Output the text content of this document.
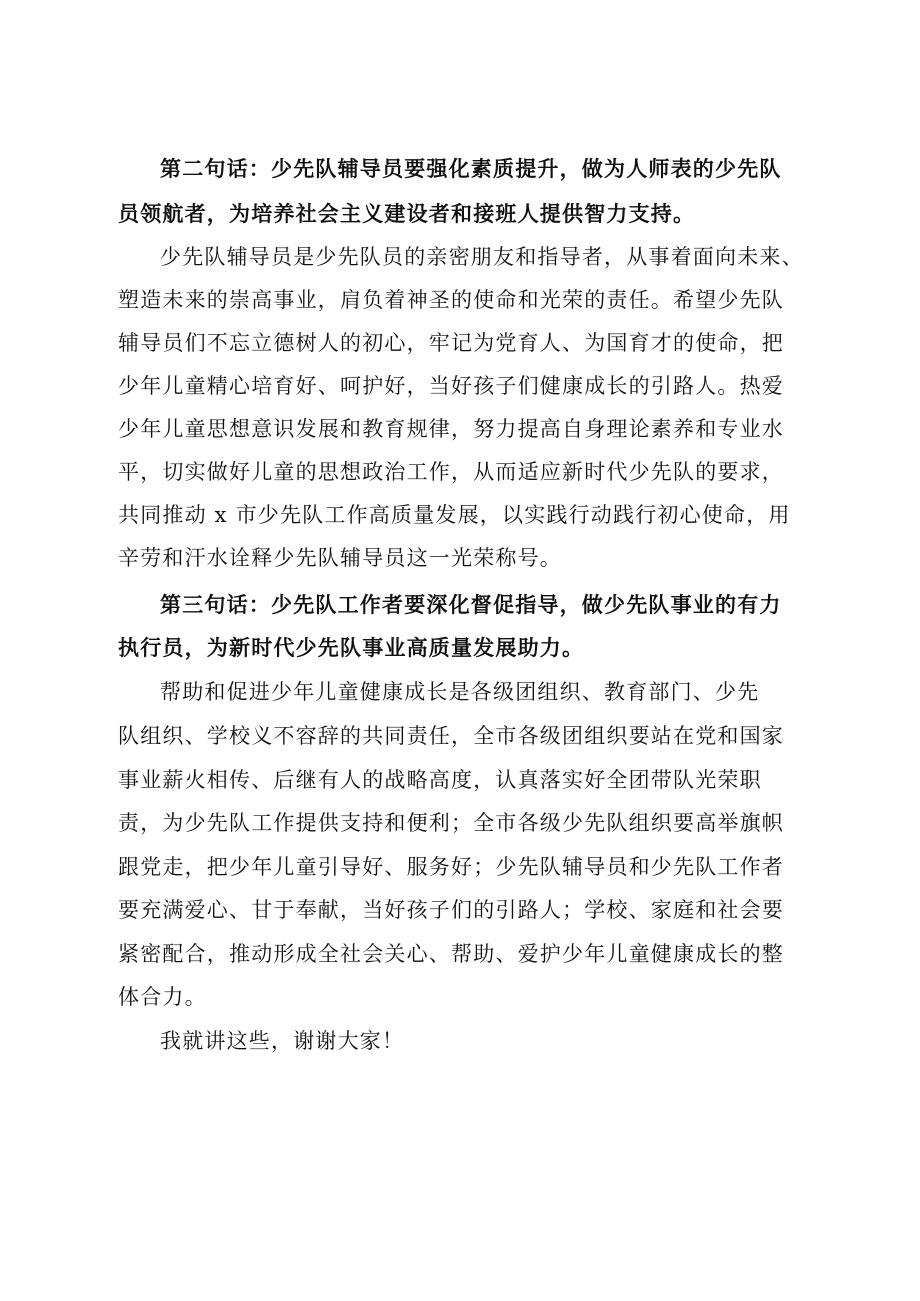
第二句话：少先队辅导员要强化素质提升，做为人师表的少先队
员领航者，为培养社会主义建设者和接班人提供智力支持。
少先队辅导员是少先队员的亲密朋友和指导者，从事着面向未来、
塑造未来的崇高事业，肩负着神圣的使命和光荣的责任。希望少先队
辅导员们不忘立德树人的初心，牢记为党育人、为国育才的使命，把
少年儿童精心培育好、呵护好，当好孩子们健康成长的引路人。热爱
少年儿童思想意识发展和教育规律，努力提高自身理论素养和专业水
平，切实做好儿童的思想政治工作，从而适应新时代少先队的要求，
共同推动 x 市少先队工作高质量发展，以实践行动践行初心使命，用
辛劳和汗水诠释少先队辅导员这一光荣称号。
第三句话：少先队工作者要深化督促指导，做少先队事业的有力
执行员，为新时代少先队事业高质量发展助力。
帮助和促进少年儿童健康成长是各级团组织、教育部门、少先
队组织、学校义不容辞的共同责任，全市各级团组织要站在党和国家
事业薪火相传、后继有人的战略高度，认真落实好全团带队光荣职
责，为少先队工作提供支持和便利；全市各级少先队组织要高举旗帜
跟党走，把少年儿童引导好、服务好；少先队辅导员和少先队工作者
要充满爱心、甘于奉献，当好孩子们的引路人；学校、家庭和社会要
紧密配合，推动形成全社会关心、帮助、爱护少年儿童健康成长的整
体合力。
我就讲这些，谢谢大家！
